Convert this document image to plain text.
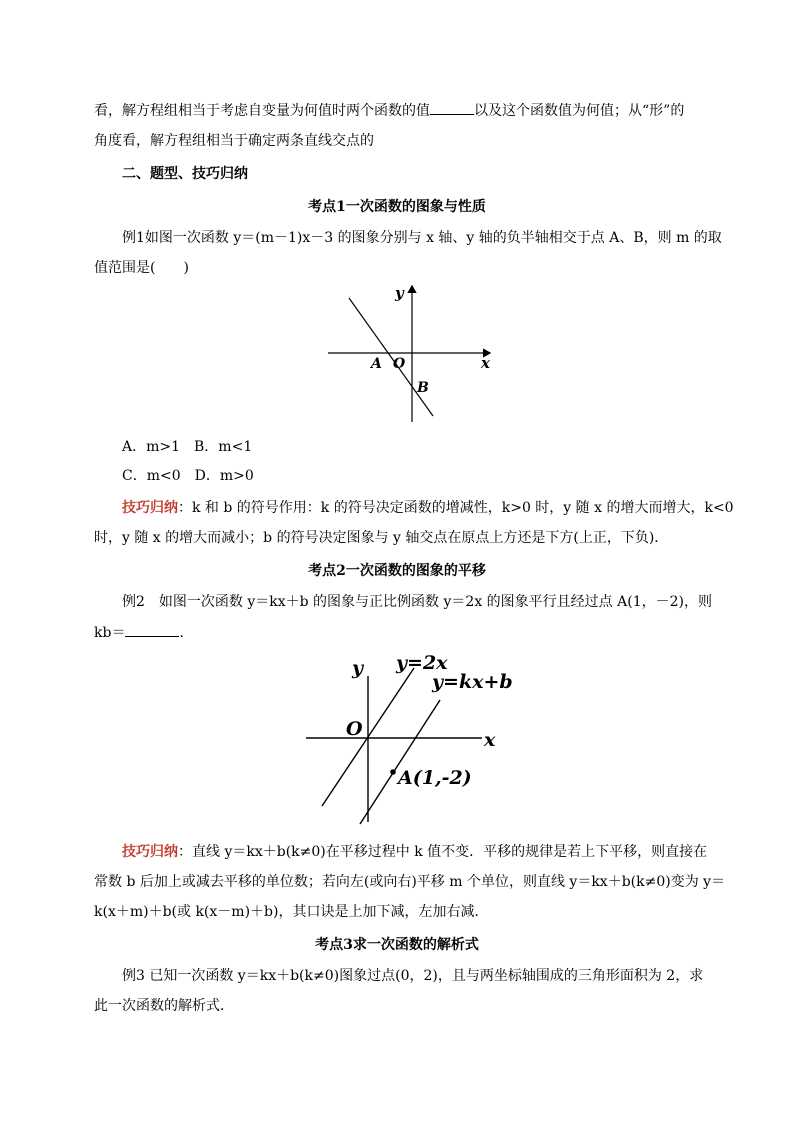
看，解方程组相当于考虑自变量为何值时两个函数的值	以及这个函数值为何值；从“形”的
角度看，解方程组相当于确定两条直线交点的
二、题型、技巧归纳
考点1一次函数的图象与性质
例1如图一次函数 y＝(m－1)x－3 的图象分别与 x 轴、y 轴的负半轴相交于点 A、B，则 m 的取
值范围是(　　)
y
x
O
A
B
A．m>1　B．m<1
C．m<0　D．m>0
技巧归纳：k 和 b 的符号作用：k 的符号决定函数的增减性，k>0 时，y 随 x 的增大而增大，k<0
时，y 随 x 的增大而减小；b 的符号决定图象与 y 轴交点在原点上方还是下方(上正，下负)．
考点2一次函数的图象的平移
例2　如图一次函数 y＝kx＋b 的图象与正比例函数 y＝2x 的图象平行且经过点 A(1，－2)，则
kb＝	．
y
x
O
y=2x
y=kx+b
A(1,-2)
技巧归纳：直线 y＝kx＋b(k≠0)在平移过程中 k 值不变．平移的规律是若上下平移，则直接在
常数 b 后加上或减去平移的单位数；若向左(或向右)平移 m 个单位，则直线 y＝kx＋b(k≠0)变为 y＝
k(x＋m)＋b(或 k(x－m)＋b)，其口诀是上加下减，左加右减．
考点3求一次函数的解析式
例3 已知一次函数 y＝kx＋b(k≠0)图象过点(0，2)，且与两坐标轴围成的三角形面积为 2，求
此一次函数的解析式．
